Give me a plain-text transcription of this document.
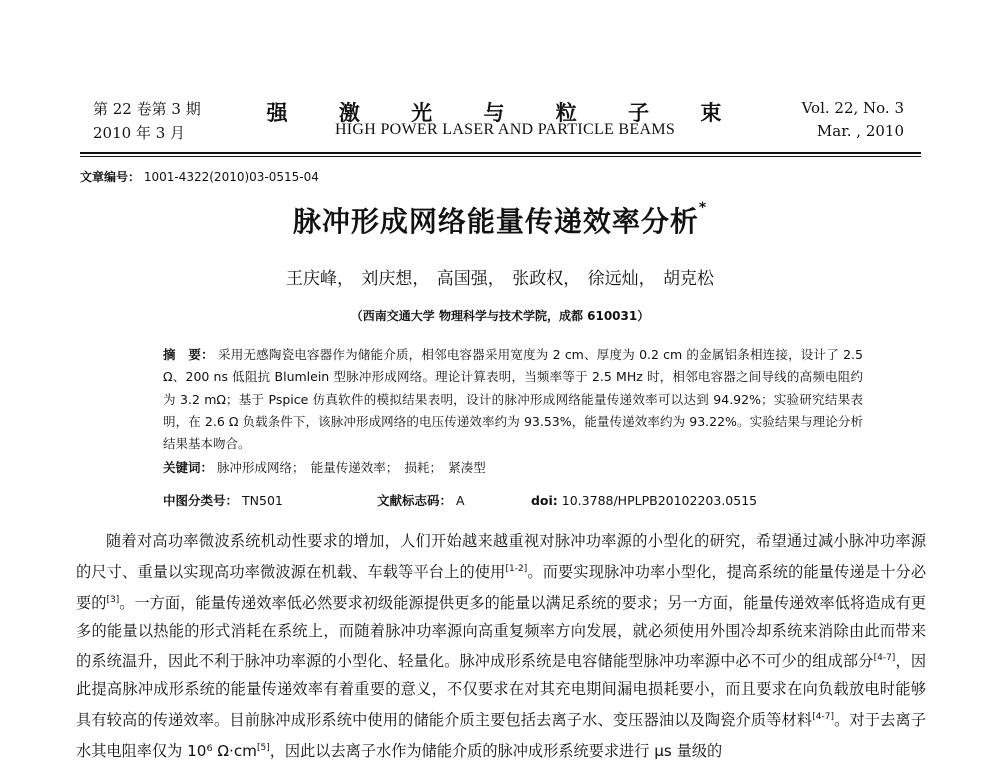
第 22 卷第 3 期
2010 年 3 月
强 激 光 与 粒 子 束
HIGH POWER LASER AND PARTICLE BEAMS
Vol. 22, No. 3
Mar. , 2010
文章编号： 1001-4322(2010)03-0515-04
脉冲形成网络能量传递效率分析*
王庆峰， 刘庆想， 高国强， 张政权， 徐远灿， 胡克松
（西南交通大学 物理科学与技术学院，成都 610031）
摘　要： 采用无感陶瓷电容器作为储能介质，相邻电容器采用宽度为 2 cm、厚度为 0.2 cm 的金属铝条相连接，设计了 2.5 Ω、200 ns 低阻抗 Blumlein 型脉冲形成网络。理论计算表明，当频率等于 2.5 MHz 时，相邻电容器之间导线的高频电阻约为 3.2 mΩ；基于 Pspice 仿真软件的模拟结果表明，设计的脉冲形成网络能量传递效率可以达到 94.92%；实验研究结果表明，在 2.6 Ω 负载条件下，该脉冲形成网络的电压传递效率约为 93.53%，能量传递效率约为 93.22%。实验结果与理论分析结果基本吻合。
关键词： 脉冲形成网络；　能量传递效率；　损耗；　紧凑型
中图分类号： TN501	文献标志码： A	doi: 10.3788/HPLPB20102203.0515
随着对高功率微波系统机动性要求的增加，人们开始越来越重视对脉冲功率源的小型化的研究，希望通过减小脉冲功率源的尺寸、重量以实现高功率微波源在机载、车载等平台上的使用[1-2]。而要实现脉冲功率小型化，提高系统的能量传递是十分必要的[3]。一方面，能量传递效率低必然要求初级能源提供更多的能量以满足系统的要求；另一方面，能量传递效率低将造成有更多的能量以热能的形式消耗在系统上，而随着脉冲功率源向高重复频率方向发展，就必须使用外围冷却系统来消除由此而带来的系统温升，因此不利于脉冲功率源的小型化、轻量化。脉冲成形系统是电容储能型脉冲功率源中必不可少的组成部分[4-7]，因此提高脉冲成形系统的能量传递效率有着重要的意义，不仅要求在对其充电期间漏电损耗要小，而且要求在向负载放电时能够具有较高的传递效率。目前脉冲成形系统中使用的储能介质主要包括去离子水、变压器油以及陶瓷介质等材料[4-7]。对于去离子水其电阻率仅为 10⁶ Ω·cm[5]，因此以去离子水作为储能介质的脉冲成形系统要求进行 μs 量级的
